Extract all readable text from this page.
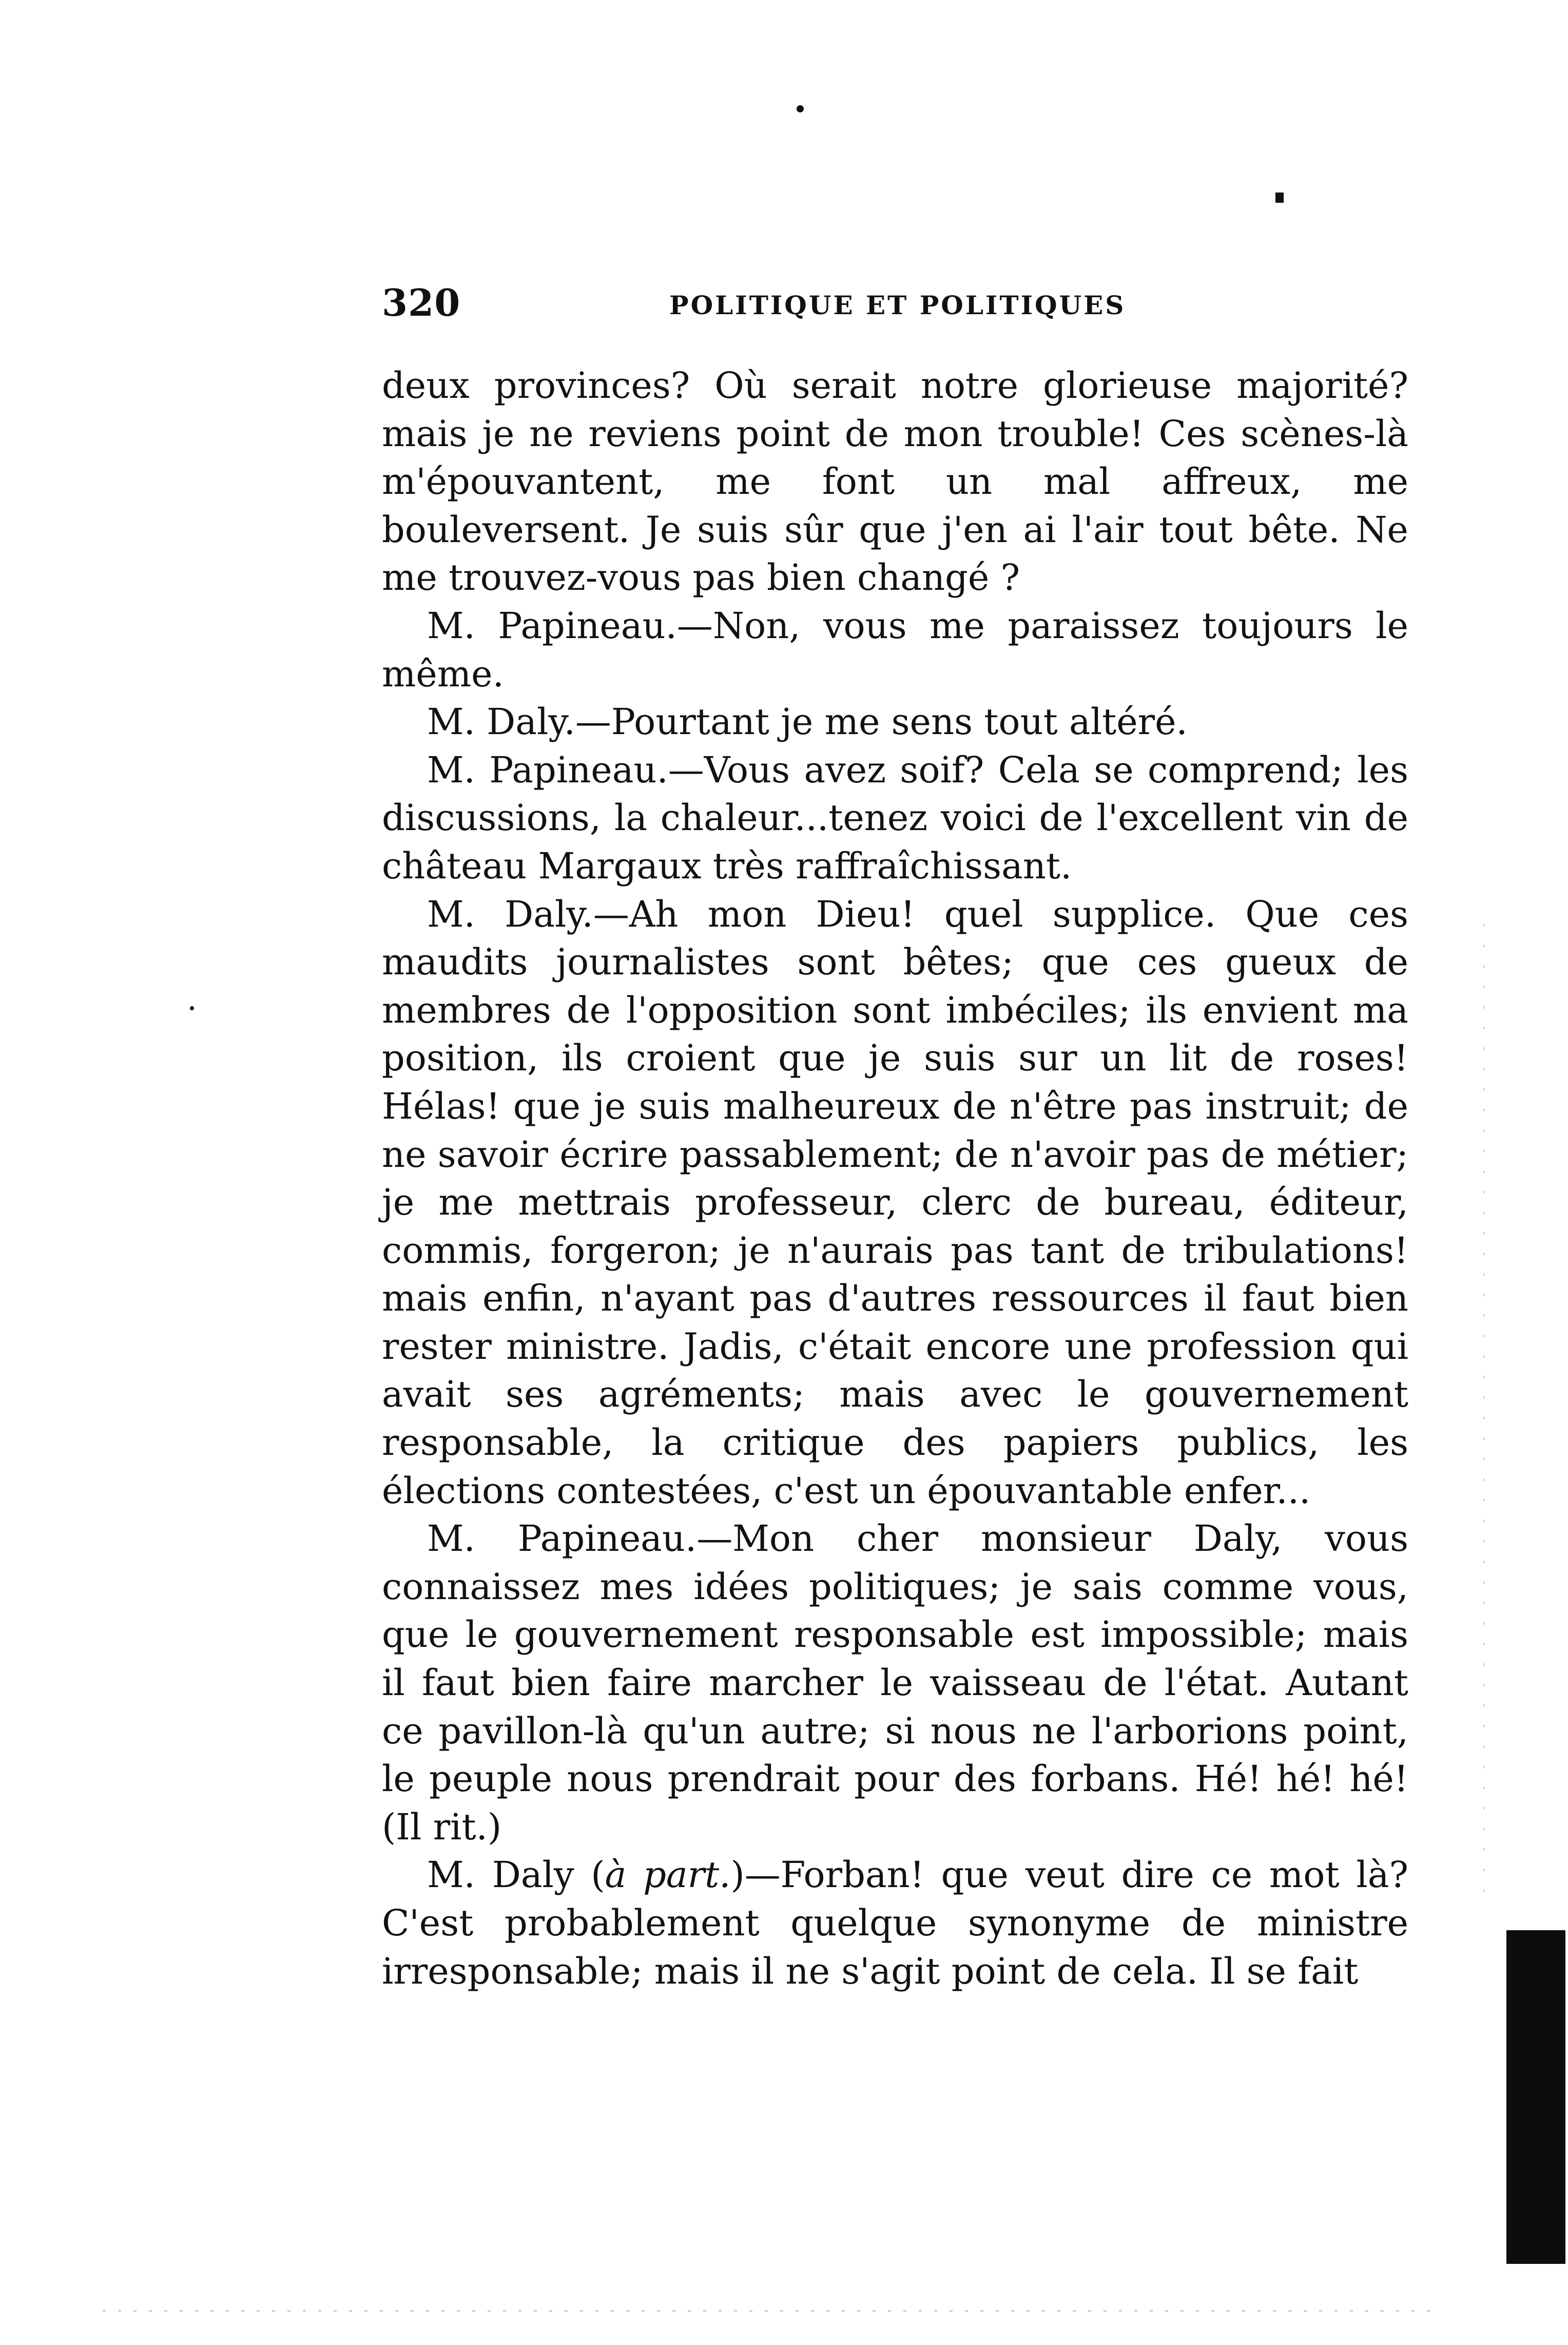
320	POLITIQUE ET POLITIQUES

deux provinces? Où serait notre glorieuse majorité? mais je ne reviens point de mon trouble! Ces scènes-là m'épouvantent, me font un mal affreux, me bouleversent. Je suis sûr que j'en ai l'air tout bête. Ne me trouvez-vous pas bien changé ?

M. Papineau.—Non, vous me paraissez toujours le même.

M. Daly.—Pourtant je me sens tout altéré.

M. Papineau.—Vous avez soif? Cela se comprend; les discussions, la chaleur...tenez voici de l'excellent vin de château Margaux très raffraîchissant.

M. Daly.—Ah mon Dieu! quel supplice. Que ces maudits journalistes sont bêtes; que ces gueux de membres de l'opposition sont imbéciles; ils envient ma position, ils croient que je suis sur un lit de roses! Hélas! que je suis malheureux de n'être pas instruit; de ne savoir écrire passablement; de n'avoir pas de métier; je me mettrais professeur, clerc de bureau, éditeur, commis, forgeron; je n'aurais pas tant de tribulations! mais enfin, n'ayant pas d'autres ressources il faut bien rester ministre. Jadis, c'était encore une profession qui avait ses agréments; mais avec le gouvernement responsable, la critique des papiers publics, les élections contestées, c'est un épouvantable enfer...

M. Papineau.—Mon cher monsieur Daly, vous connaissez mes idées politiques; je sais comme vous, que le gouvernement responsable est impossible; mais il faut bien faire marcher le vaisseau de l'état. Autant ce pavillon-là qu'un autre; si nous ne l'arborions point, le peuple nous prendrait pour des forbans. Hé! hé! hé! (Il rit.)

M. Daly (à part.)—Forban! que veut dire ce mot là? C'est probablement quelque synonyme de ministre irresponsable; mais il ne s'agit point de cela. Il se fait
